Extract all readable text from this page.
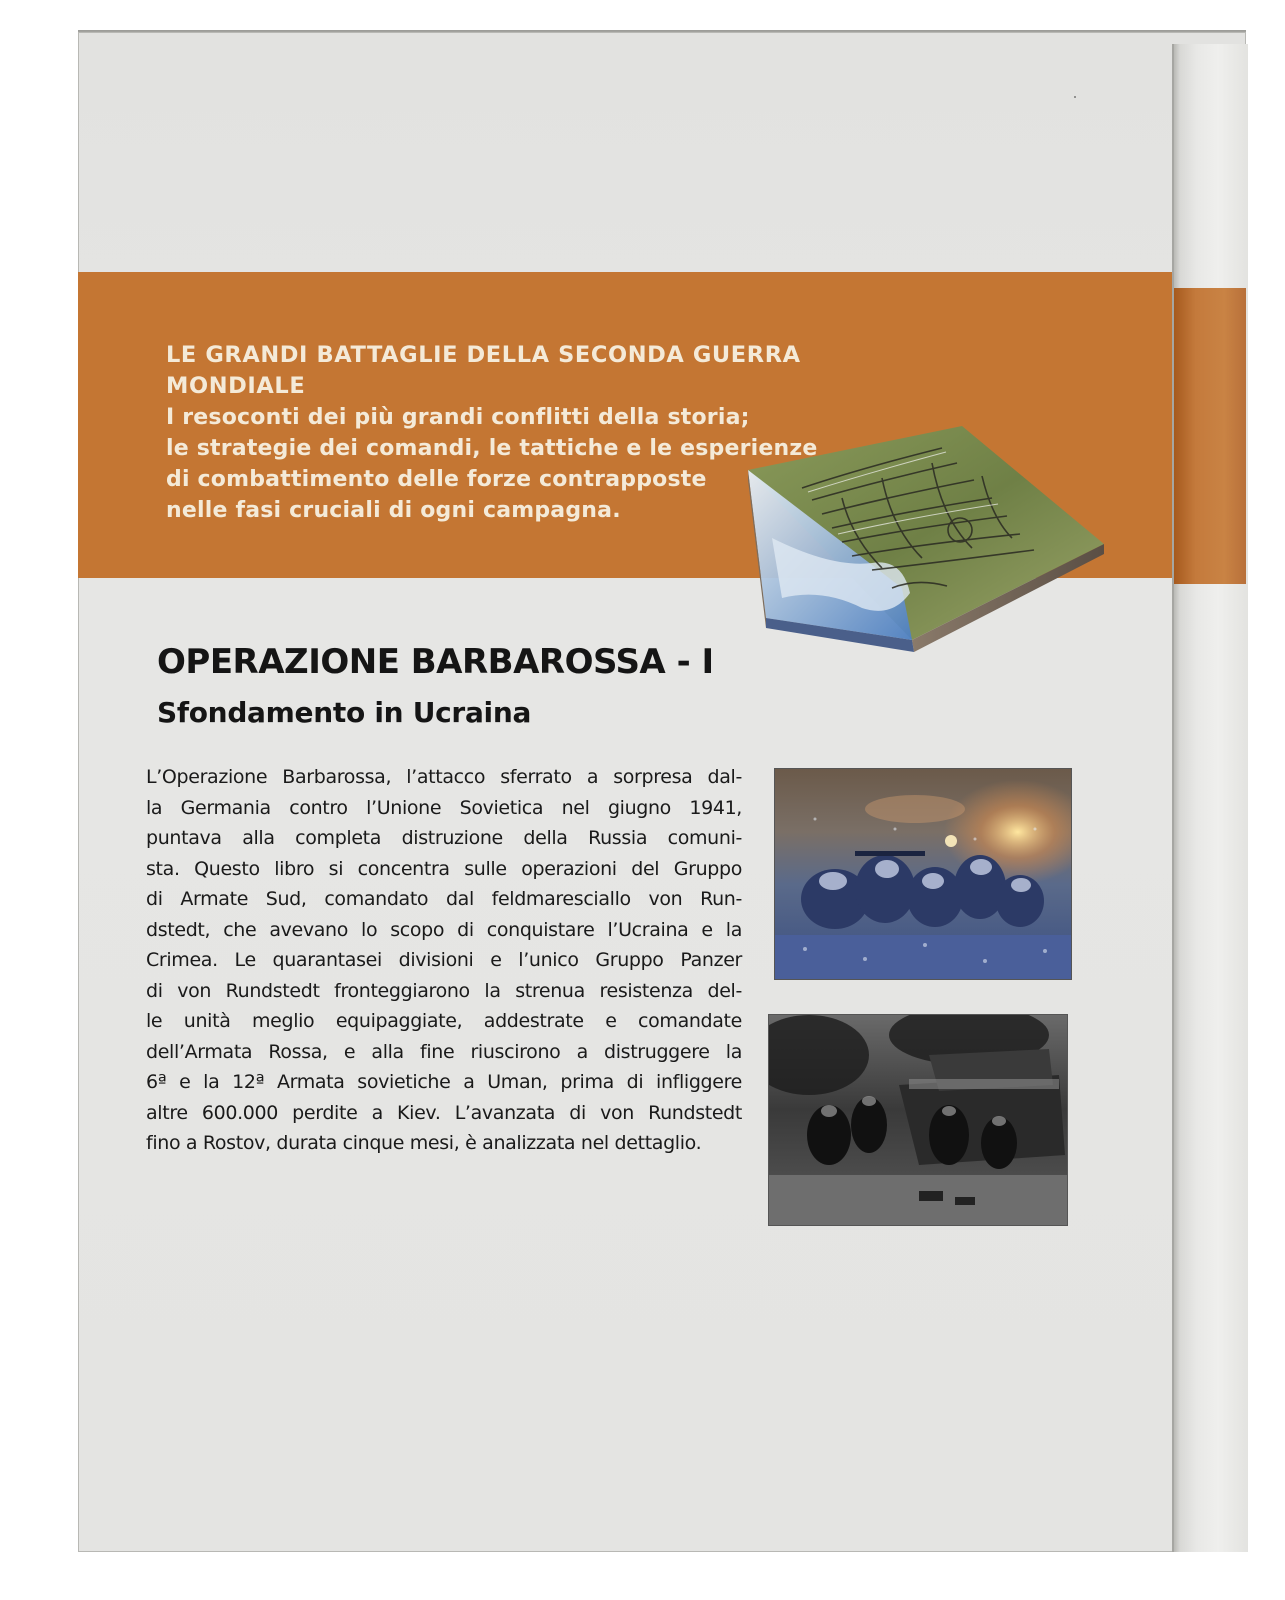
LE GRANDI BATTAGLIE DELLA SECONDA GUERRA MONDIALE
I resoconti dei più grandi conflitti della storia;
le strategie dei comandi, le tattiche e le esperienze
di combattimento delle forze contrapposte
nelle fasi cruciali di ogni campagna.
OPERAZIONE BARBAROSSA - I
Sfondamento in Ucraina
L’Operazione Barbarossa, l’attacco sferrato a sorpresa dal-
la Germania contro l’Unione Sovietica nel giugno 1941,
puntava alla completa distruzione della Russia comuni-
sta. Questo libro si concentra sulle operazioni del Gruppo
di Armate Sud, comandato dal feldmaresciallo von Run-
dstedt, che avevano lo scopo di conquistare l’Ucraina e la
Crimea. Le quarantasei divisioni e l’unico Gruppo Panzer
di von Rundstedt fronteggiarono la strenua resistenza del-
le unità meglio equipaggiate, addestrate e comandate
dell’Armata Rossa, e alla fine riuscirono a distruggere la
6ª e la 12ª Armata sovietiche a Uman, prima di infliggere
altre 600.000 perdite a Kiev. L’avanzata di von Rundstedt
fino a Rostov, durata cinque mesi, è analizzata nel dettaglio.
